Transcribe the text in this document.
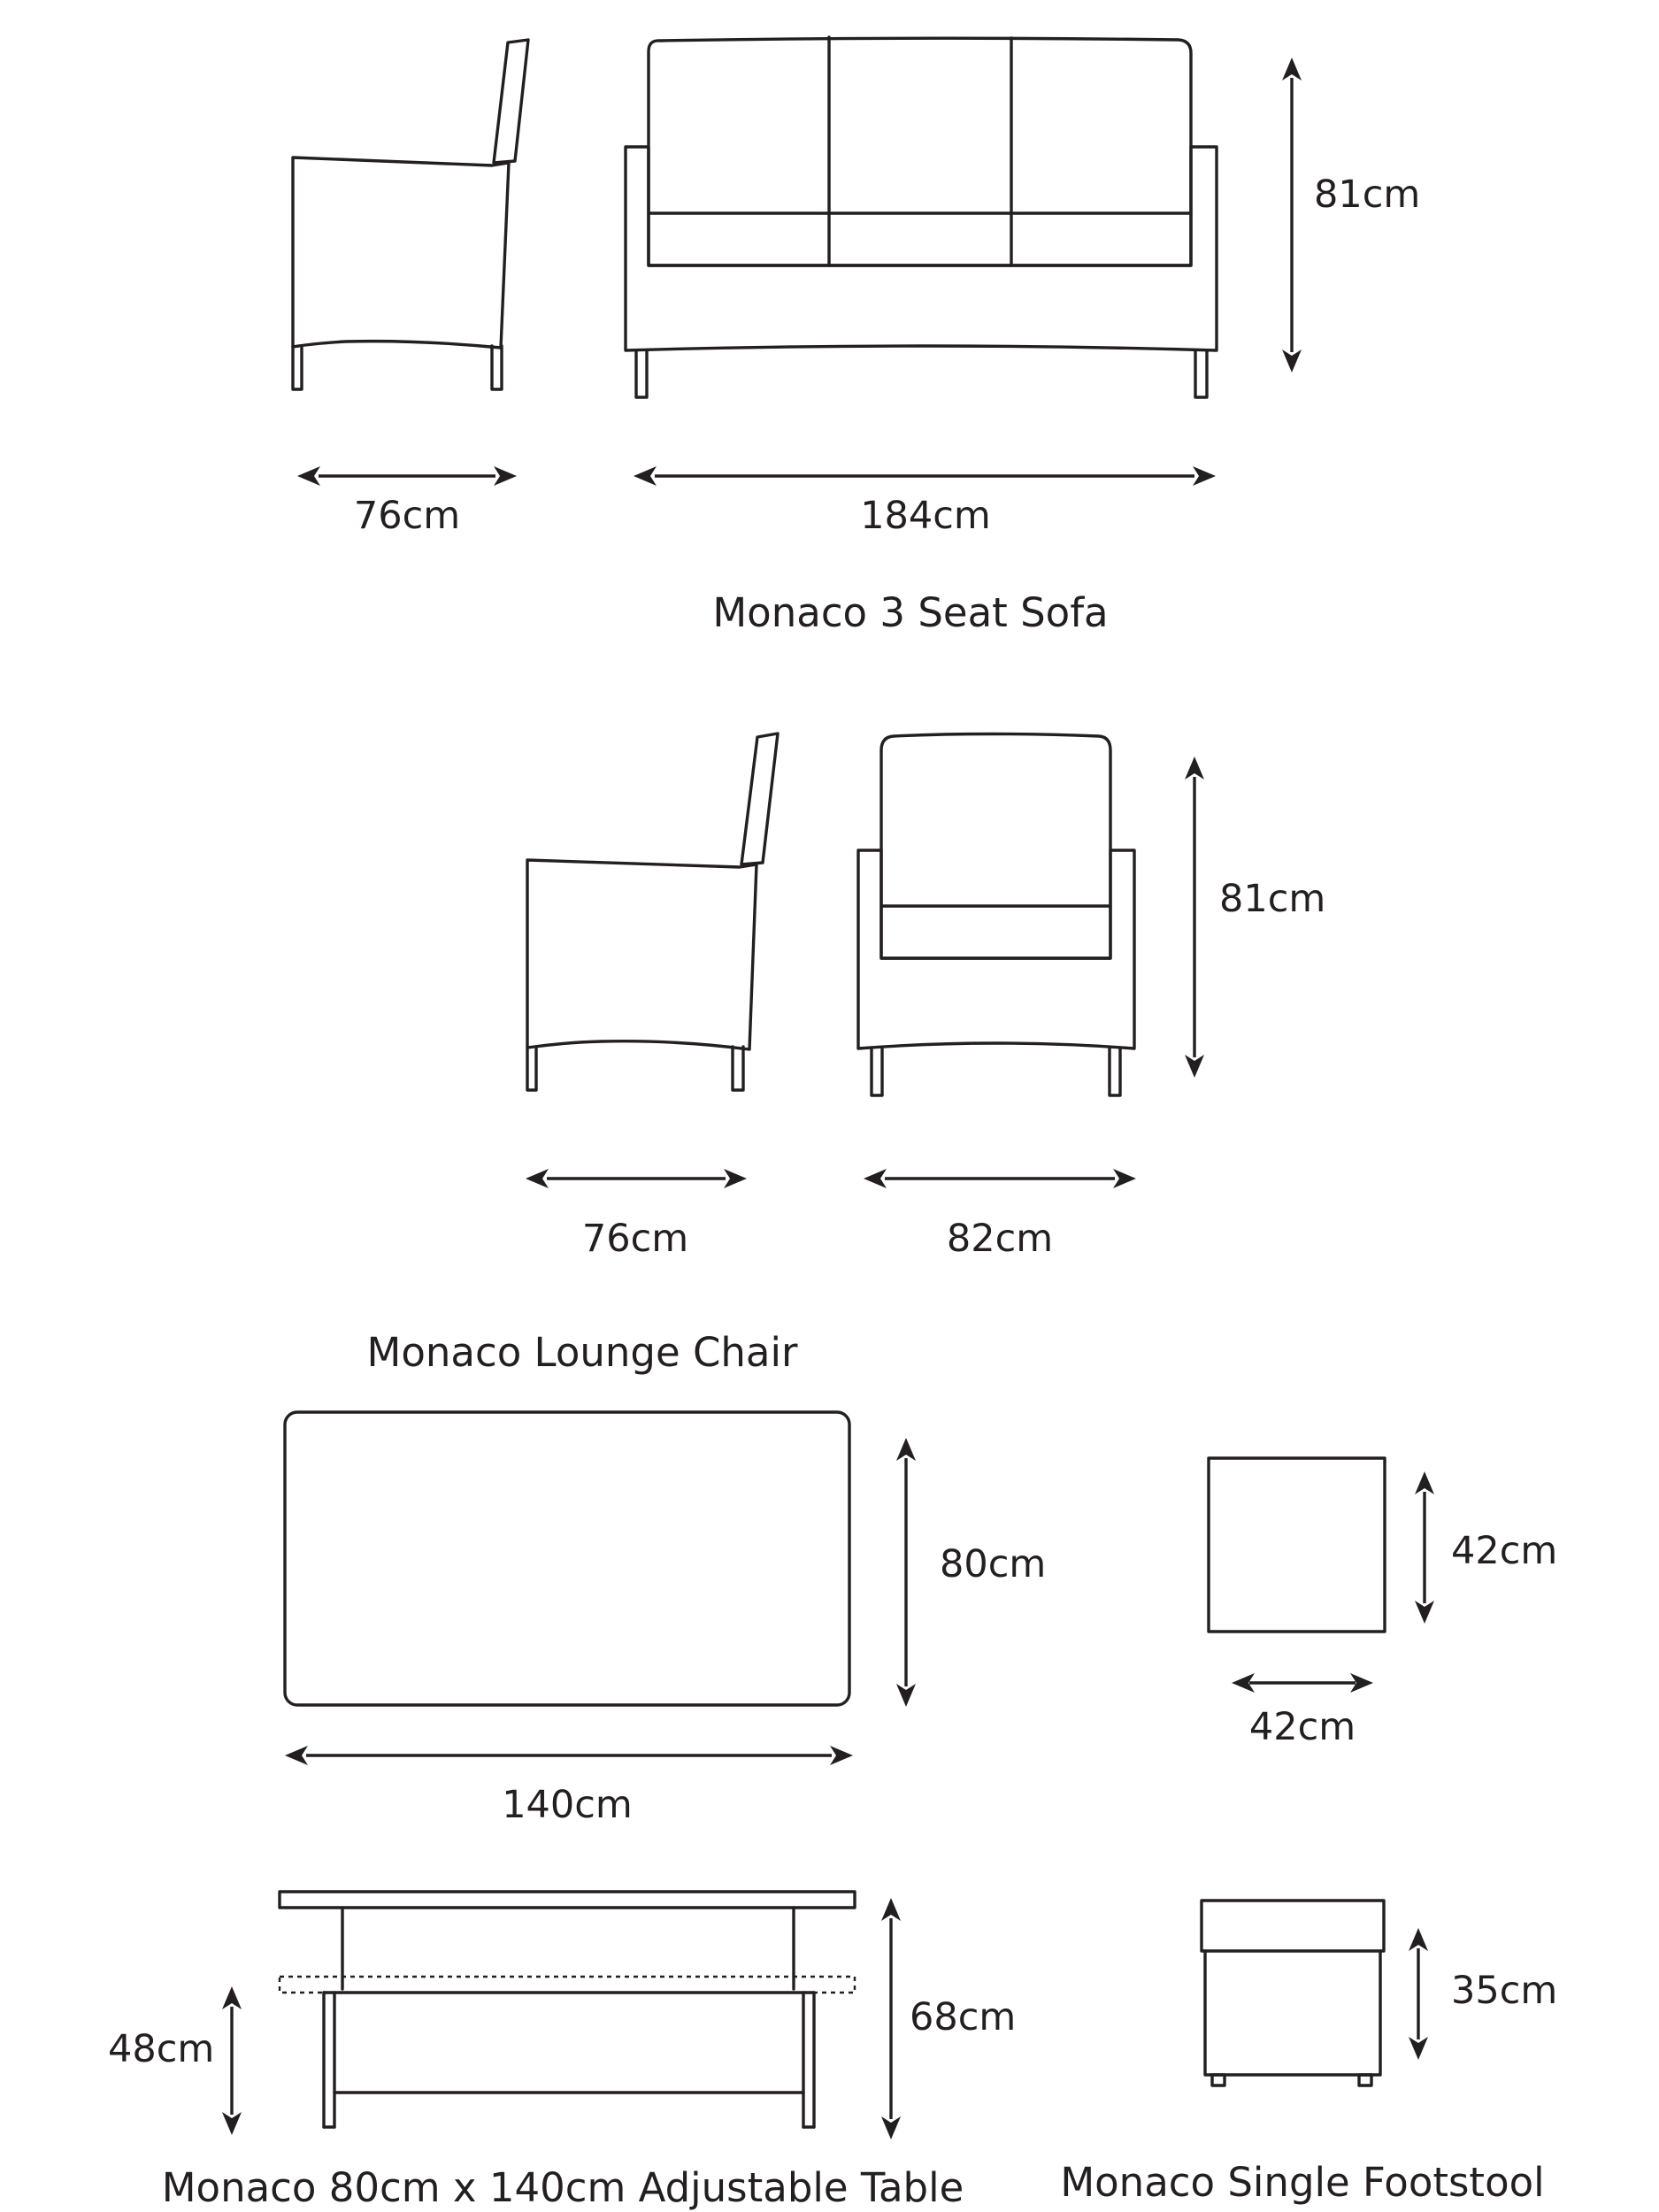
81cm
76cm	184cm
Monaco 3 Seat Sofa
81cm
76cm	82cm
Monaco Lounge Chair
80cm
140cm
48cm
68cm
Monaco 80cm x 140cm Adjustable Table
42cm
42cm
35cm
Monaco Single Footstool
